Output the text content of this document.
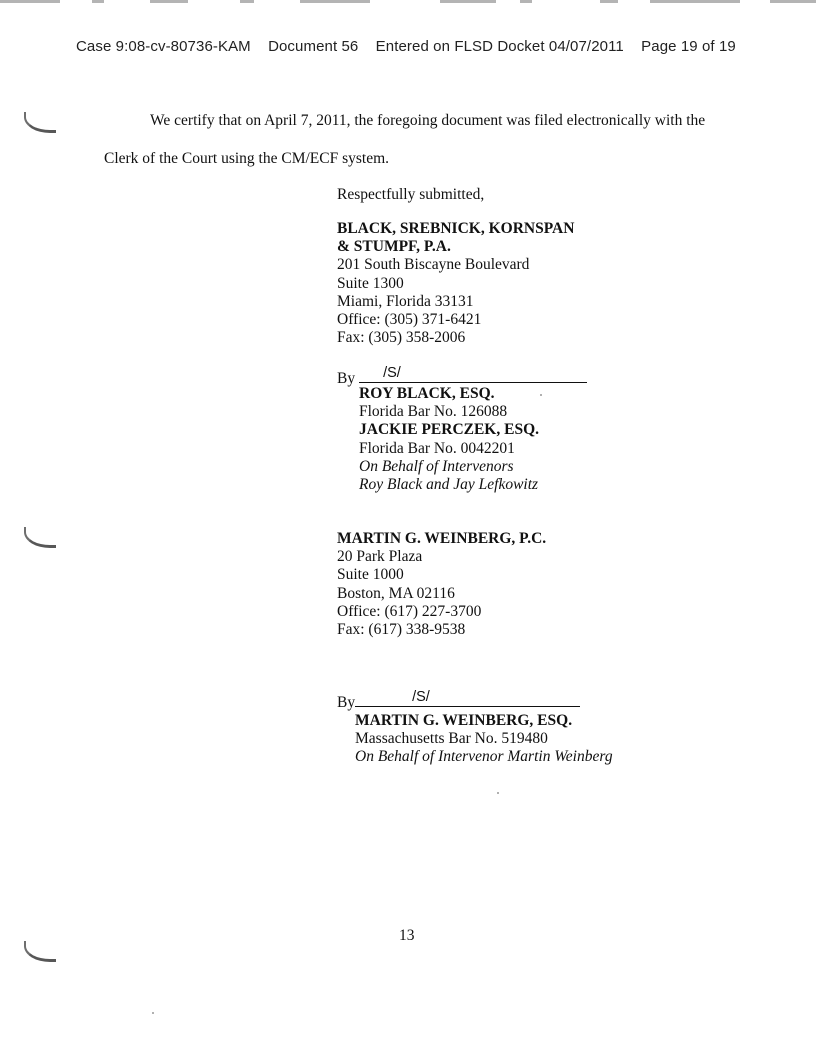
Case 9:08-cv-80736-KAM Document 56 Entered on FLSD Docket 04/07/2011 Page 19 of 19
We certify that on April 7, 2011, the foregoing document was filed electronically with the
Clerk of the Court using the CM/ECF system.
Respectfully submitted,
BLACK, SREBNICK, KORNSPAN
& STUMPF, P.A.
201 South Biscayne Boulevard
Suite 1300
Miami, Florida 33131
Office: (305) 371-6421
Fax: (305) 358-2006
By /S/
ROY BLACK, ESQ.
Florida Bar No. 126088
JACKIE PERCZEK, ESQ.
Florida Bar No. 0042201
On Behalf of Intervenors
Roy Black and Jay Lefkowitz
MARTIN G. WEINBERG, P.C.
20 Park Plaza
Suite 1000
Boston, MA 02116
Office: (617) 227-3700
Fax: (617) 338-9538
By	/S/
MARTIN G. WEINBERG, ESQ.
Massachusetts Bar No. 519480
On Behalf of Intervenor Martin Weinberg
13
